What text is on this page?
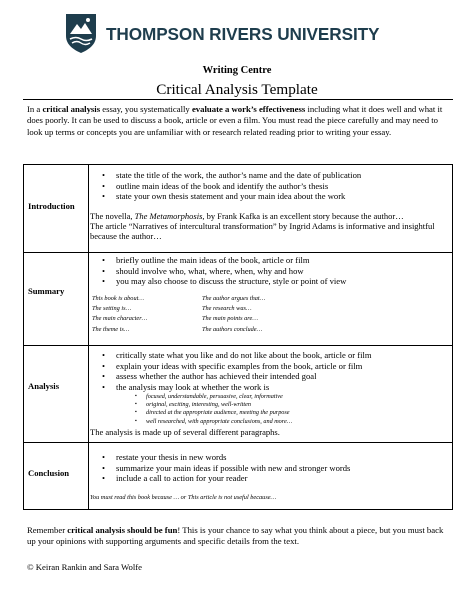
THOMPSON RIVERS UNIVERSITY
Writing Centre
Critical Analysis Template

In a critical analysis essay, you systematically evaluate a work’s effectiveness including what it does well and what it does poorly. It can be used to discuss a book, article or even a film. You must read the piece carefully and may need to look up terms or concepts you are unfamiliar with or research related reading prior to writing your essay.

Introduction
• state the title of the work, the author’s name and the date of publication
• outline main ideas of the book and identify the author’s thesis
• state your own thesis statement and your main idea about the work

The novella, The Metamorphosis, by Frank Kafka is an excellent story because the author…

The article “Narratives of intercultural transformation” by Ingrid Adams is informative and insightful because the author…

Summary
• briefly outline the main ideas of the book, article or film
• should involve who, what, where, when, why and how
• you may also choose to discuss the structure, style or point of view
This book is about…	The author argues that…
The setting is…	The research was…
The main character…	The main points are…
The theme is…	The authors conclude…
Analysis
• critically state what you like and do not like about the book, article or film
• explain your ideas with specific examples from the book, article or film
• assess whether the author has achieved their intended goal
• the analysis may look at whether the work is
▪ focused, understandable, persuasive, clear, informative
▪ original, exciting, interesting, well-written
▪ directed at the appropriate audience, meeting the purpose
▪ well researched, with appropriate conclusions, and more…

The analysis is made up of several different paragraphs.

Conclusion
• restate your thesis in new words
• summarize your main ideas if possible with new and stronger words
• include a call to action for your reader

You must read this book because … or This article is not useful because…

Remember critical analysis should be fun! This is your chance to say what you think about a piece, but you must back up your opinions with supporting arguments and specific details from the text.

© Keiran Rankin and Sara Wolfe
